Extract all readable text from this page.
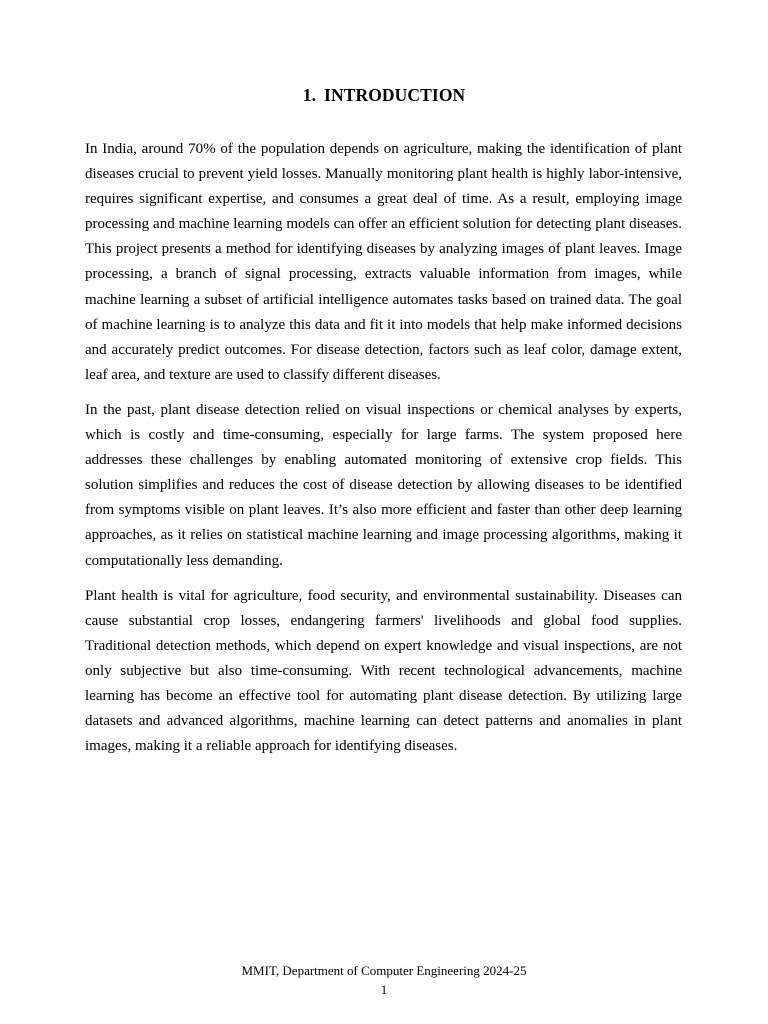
1. INTRODUCTION

In India, around 70% of the population depends on agriculture, making the identification of plant diseases crucial to prevent yield losses. Manually monitoring plant health is highly labor-intensive, requires significant expertise, and consumes a great deal of time. As a result, employing image processing and machine learning models can offer an efficient solution for detecting plant diseases. This project presents a method for identifying diseases by analyzing images of plant leaves. Image processing, a branch of signal processing, extracts valuable information from images, while machine learning a subset of artificial intelligence automates tasks based on trained data. The goal of machine learning is to analyze this data and fit it into models that help make informed decisions and accurately predict outcomes. For disease detection, factors such as leaf color, damage extent, leaf area, and texture are used to classify different diseases.

In the past, plant disease detection relied on visual inspections or chemical analyses by experts, which is costly and time-consuming, especially for large farms. The system proposed here addresses these challenges by enabling automated monitoring of extensive crop fields. This solution simplifies and reduces the cost of disease detection by allowing diseases to be identified from symptoms visible on plant leaves. It’s also more efficient and faster than other deep learning approaches, as it relies on statistical machine learning and image processing algorithms, making it computationally less demanding.

Plant health is vital for agriculture, food security, and environmental sustainability. Diseases can cause substantial crop losses, endangering farmers' livelihoods and global food supplies. Traditional detection methods, which depend on expert knowledge and visual inspections, are not only subjective but also time-consuming. With recent technological advancements, machine learning has become an effective tool for automating plant disease detection. By utilizing large datasets and advanced algorithms, machine learning can detect patterns and anomalies in plant images, making it a reliable approach for identifying diseases.

MMIT, Department of Computer Engineering 2024-25
1
